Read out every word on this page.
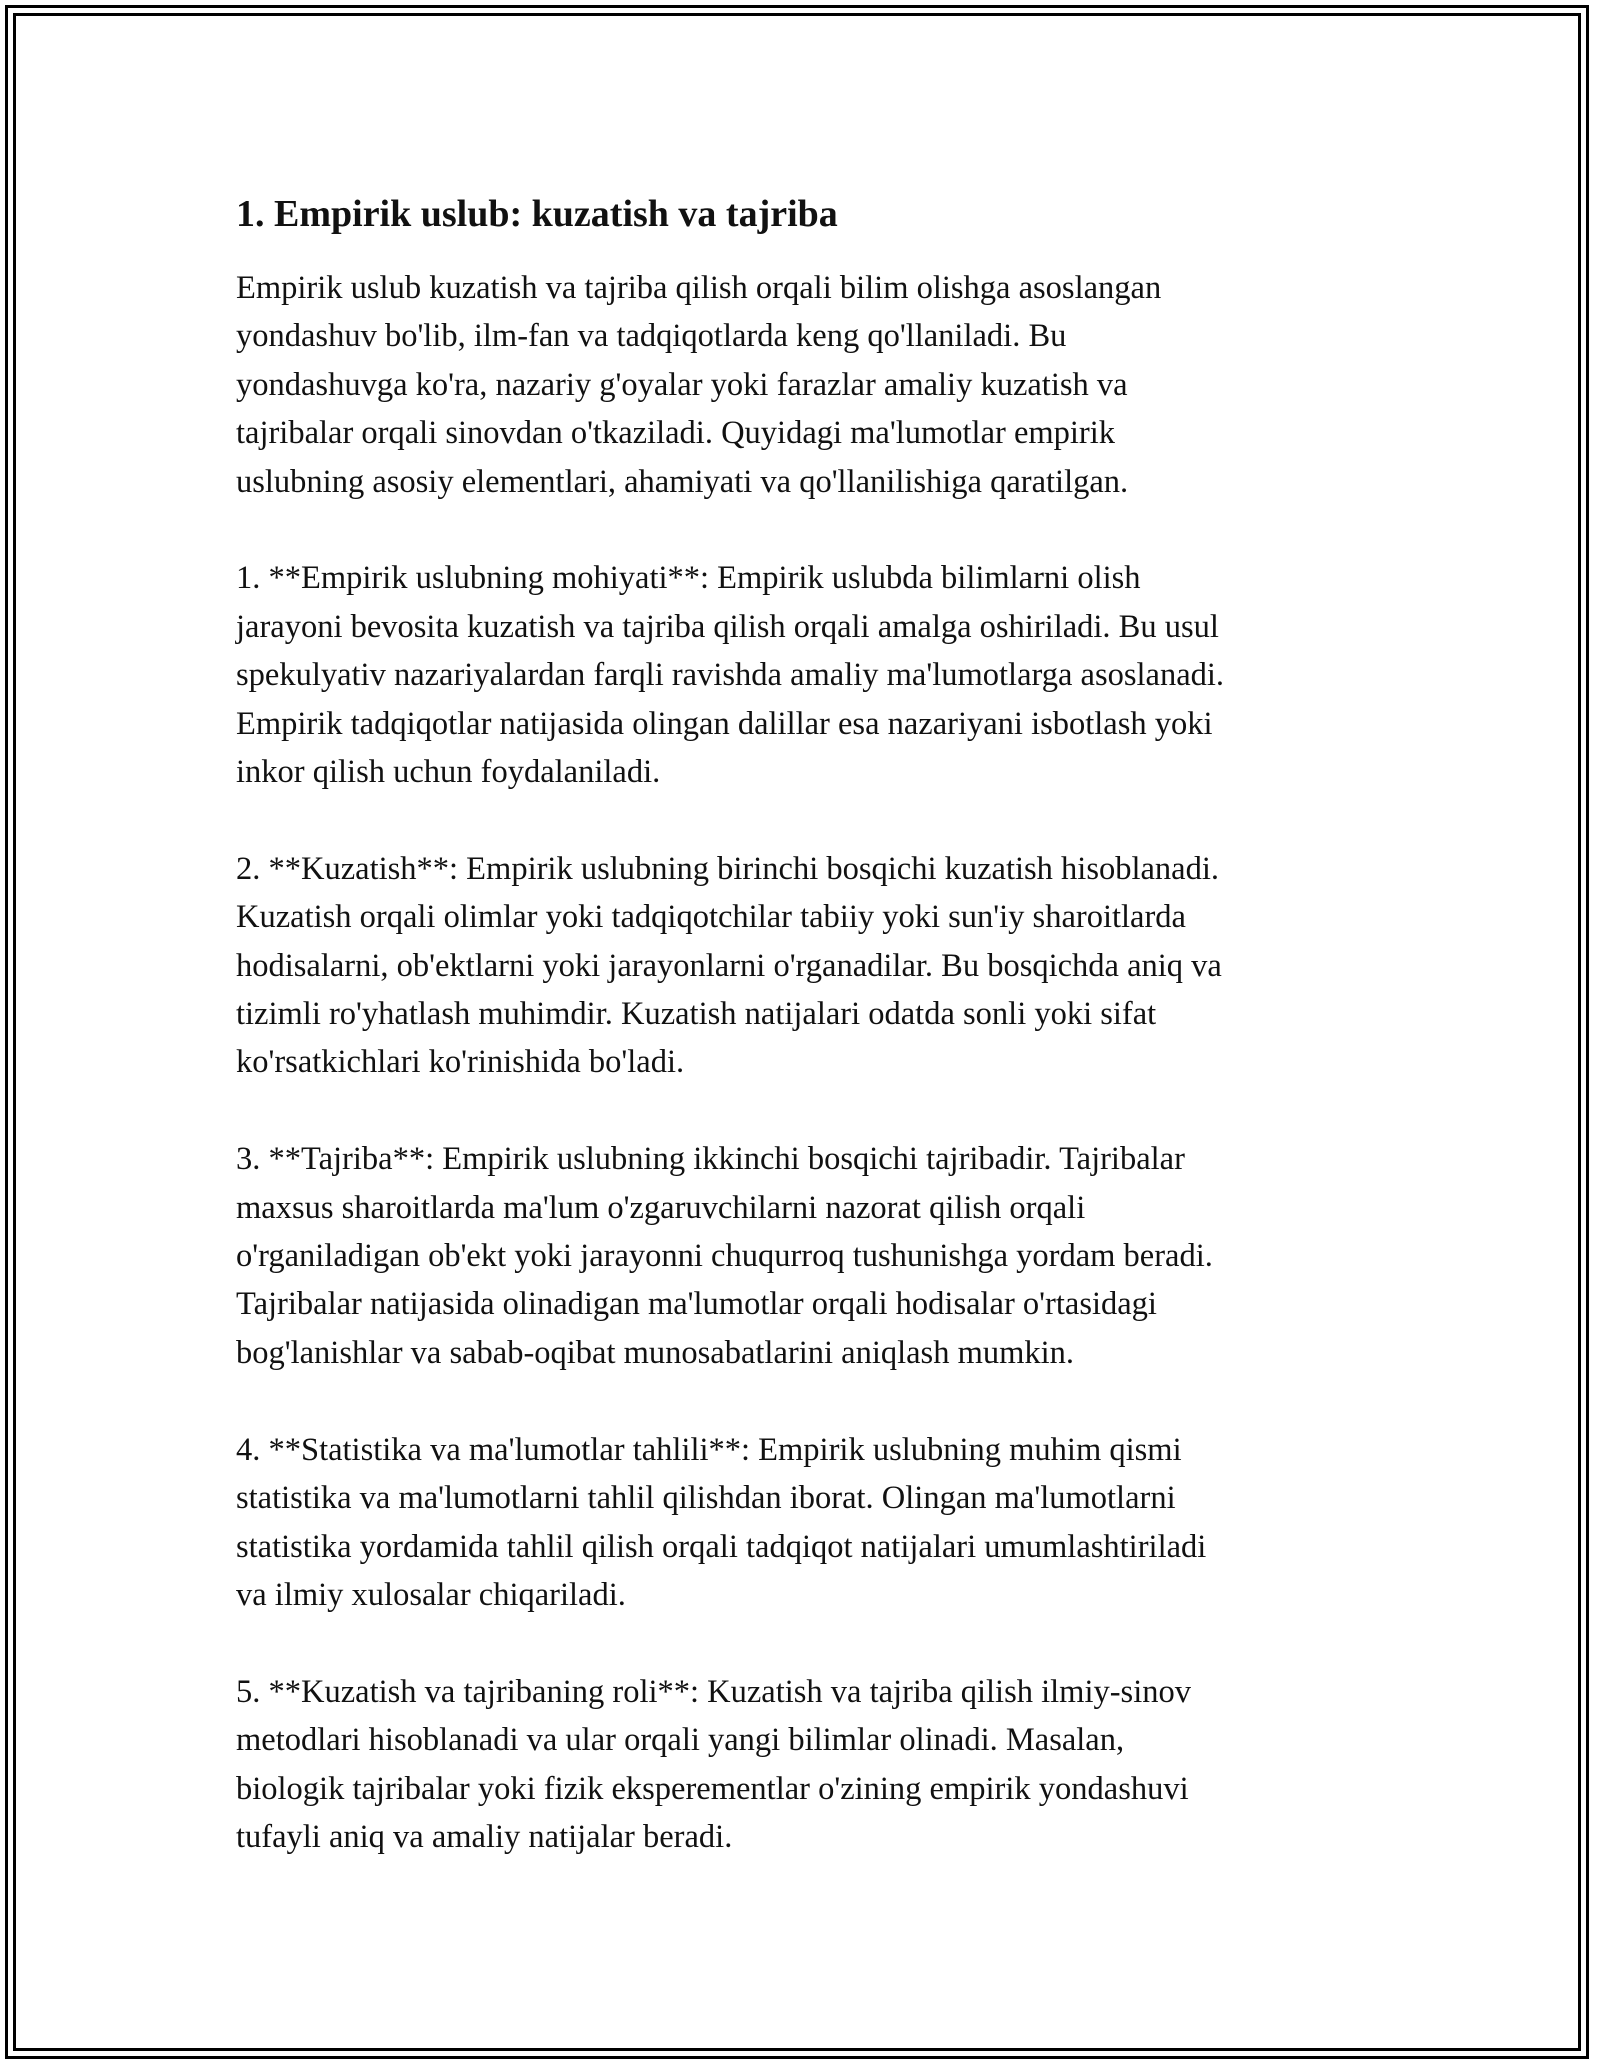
1. Empirik uslub: kuzatish va tajriba

Empirik uslub kuzatish va tajriba qilish orqali bilim olishga asoslangan
yondashuv bo'lib, ilm-fan va tadqiqotlarda keng qo'llaniladi. Bu
yondashuvga ko'ra, nazariy g'oyalar yoki farazlar amaliy kuzatish va
tajribalar orqali sinovdan o'tkaziladi. Quyidagi ma'lumotlar empirik
uslubning asosiy elementlari, ahamiyati va qo'llanilishiga qaratilgan.

1. **Empirik uslubning mohiyati**: Empirik uslubda bilimlarni olish
jarayoni bevosita kuzatish va tajriba qilish orqali amalga oshiriladi. Bu usul
spekulyativ nazariyalardan farqli ravishda amaliy ma'lumotlarga asoslanadi.
Empirik tadqiqotlar natijasida olingan dalillar esa nazariyani isbotlash yoki
inkor qilish uchun foydalaniladi.

2. **Kuzatish**: Empirik uslubning birinchi bosqichi kuzatish hisoblanadi.
Kuzatish orqali olimlar yoki tadqiqotchilar tabiiy yoki sun'iy sharoitlarda
hodisalarni, ob'ektlarni yoki jarayonlarni o'rganadilar. Bu bosqichda aniq va
tizimli ro'yhatlash muhimdir. Kuzatish natijalari odatda sonli yoki sifat
ko'rsatkichlari ko'rinishida bo'ladi.

3. **Tajriba**: Empirik uslubning ikkinchi bosqichi tajribadir. Tajribalar
maxsus sharoitlarda ma'lum o'zgaruvchilarni nazorat qilish orqali
o'rganiladigan ob'ekt yoki jarayonni chuqurroq tushunishga yordam beradi.
Tajribalar natijasida olinadigan ma'lumotlar orqali hodisalar o'rtasidagi
bog'lanishlar va sabab-oqibat munosabatlarini aniqlash mumkin.

4. **Statistika va ma'lumotlar tahlili**: Empirik uslubning muhim qismi
statistika va ma'lumotlarni tahlil qilishdan iborat. Olingan ma'lumotlarni
statistika yordamida tahlil qilish orqali tadqiqot natijalari umumlashtiriladi
va ilmiy xulosalar chiqariladi.

5. **Kuzatish va tajribaning roli**: Kuzatish va tajriba qilish ilmiy-sinov
metodlari hisoblanadi va ular orqali yangi bilimlar olinadi. Masalan,
biologik tajribalar yoki fizik eksperementlar o'zining empirik yondashuvi
tufayli aniq va amaliy natijalar beradi.
